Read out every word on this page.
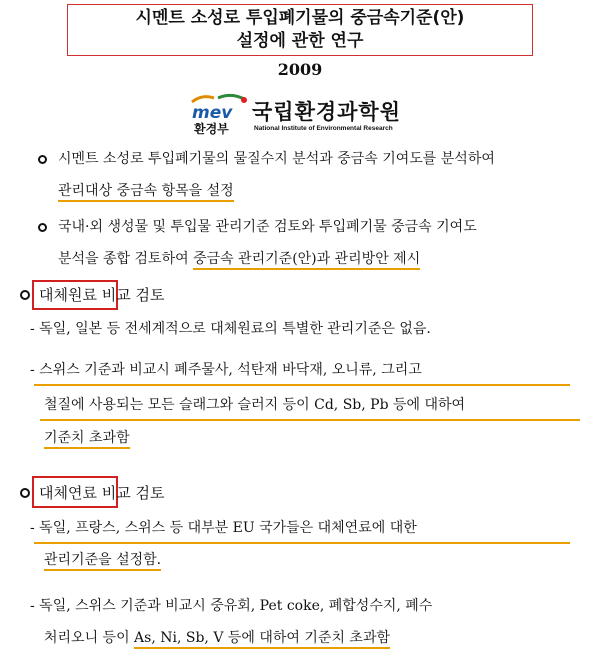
시멘트 소성로 투입폐기물의 중금속기준(안)
설정에 관한 연구
2009
mev
환경부
국립환경과학원
National Institute of Environmental Research
시멘트 소성로 투입폐기물의 물질수지 분석과 중금속 기여도를 분석하여
관리대상 중금속 항목을 설정
국내·외 생성물 및 투입물 관리기준 검토와 투입폐기물 중금속 기여도
분석을 종합 검토하여 중금속 관리기준(안)과 관리방안 제시
대체원료 비교 검토
- 독일, 일본 등 전세계적으로 대체원료의 특별한 관리기준은 없음.
- 스위스 기준과 비교시 폐주물사, 석탄재 바닥재, 오니류, 그리고
철질에 사용되는 모든 슬래그와 슬러지 등이 Cd, Sb, Pb 등에 대하여
기준치 초과함
대체연료 비교 검토
- 독일, 프랑스, 스위스 등 대부분 EU 국가들은 대체연료에 대한
관리기준을 설정함.
- 독일, 스위스 기준과 비교시 중유회, Pet coke, 폐합성수지, 폐수
처리오니 등이 As, Ni, Sb, V 등에 대하여 기준치 초과함
